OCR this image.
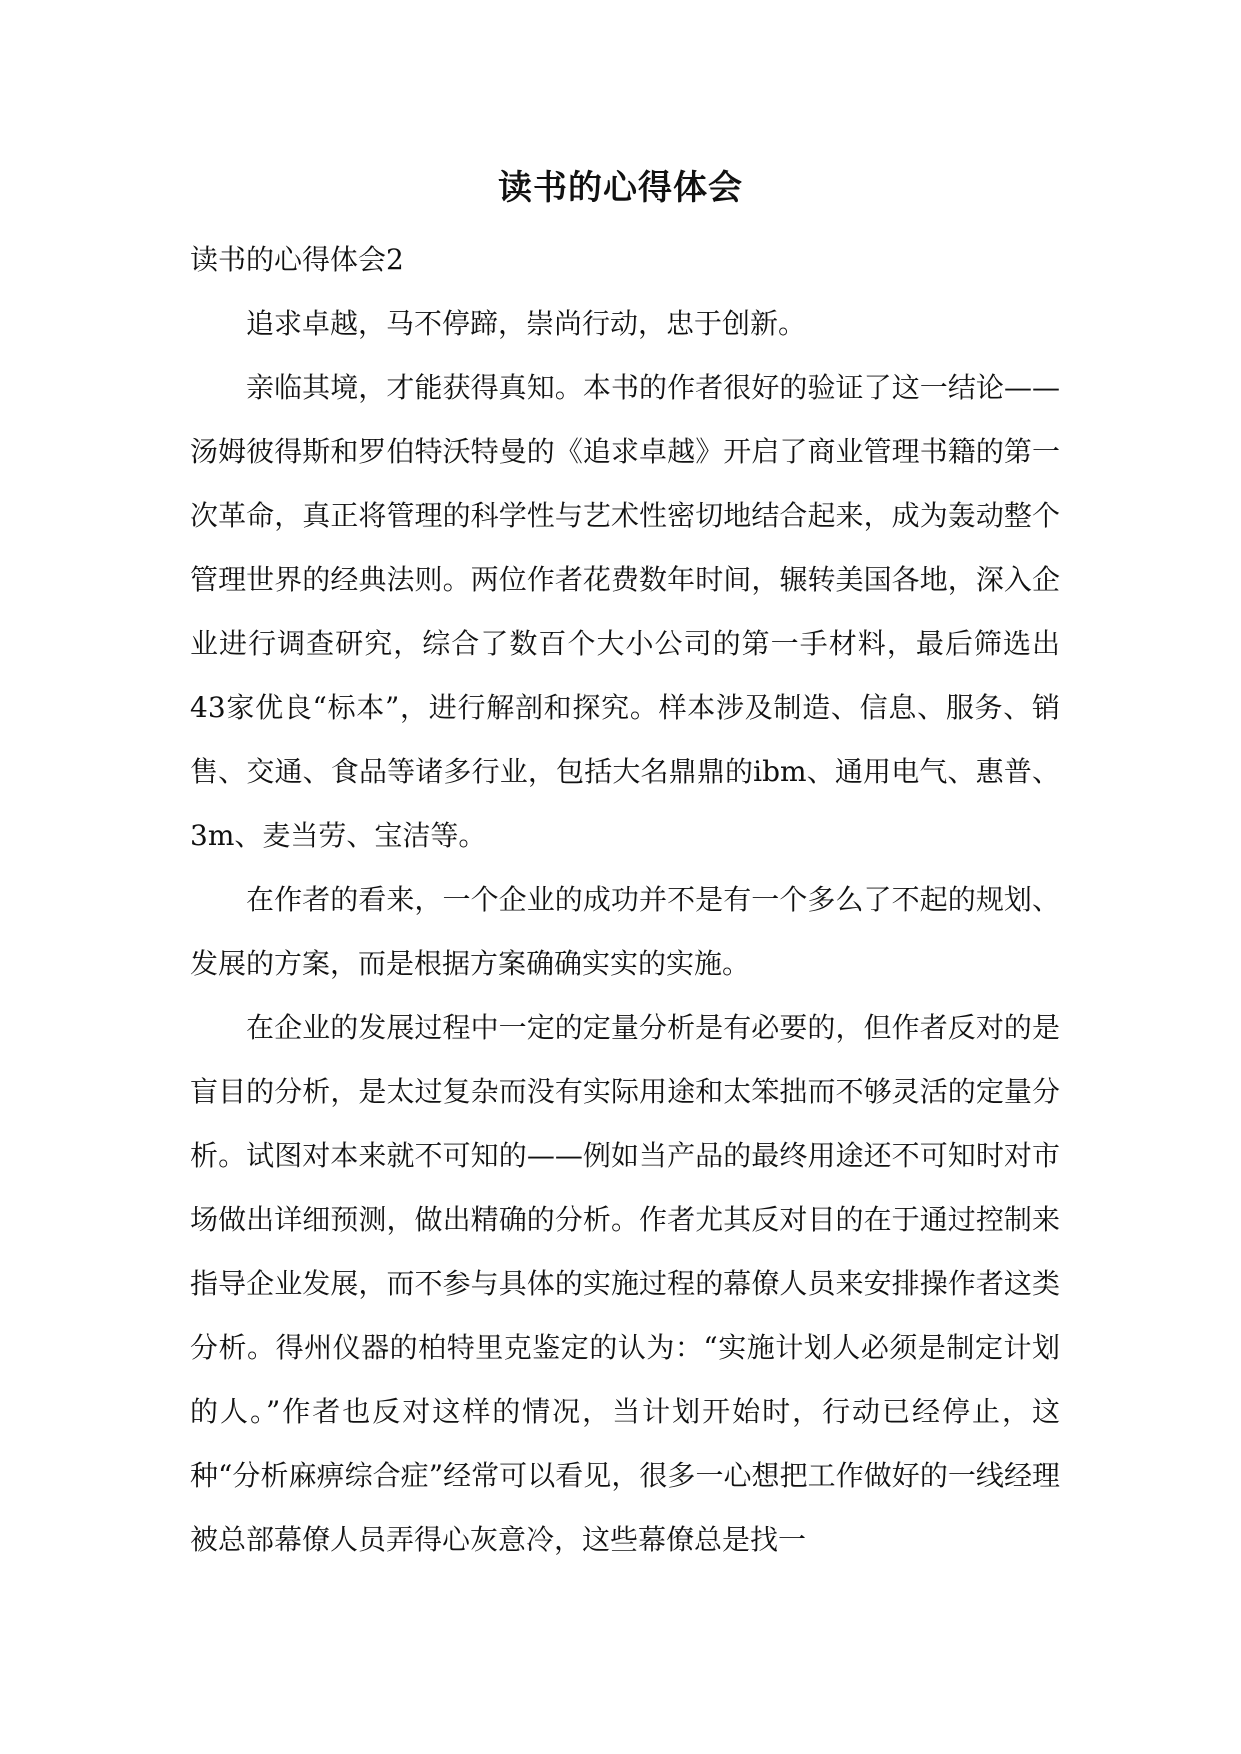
读书的心得体会

读书的心得体会2

追求卓越，马不停蹄，崇尚行动，忠于创新。

亲临其境，才能获得真知。本书的作者很好的验证了这一结论——汤姆彼得斯和罗伯特沃特曼的《追求卓越》开启了商业管理书籍的第一次革命，真正将管理的科学性与艺术性密切地结合起来，成为轰动整个管理世界的经典法则。两位作者花费数年时间，辗转美国各地，深入企业进行调查研究，综合了数百个大小公司的第一手材料，最后筛选出43家优良“标本”，进行解剖和探究。样本涉及制造、信息、服务、销售、交通、食品等诸多行业，包括大名鼎鼎的ibm、通用电气、惠普、3m、麦当劳、宝洁等。

在作者的看来，一个企业的成功并不是有一个多么了不起的规划、发展的方案，而是根据方案确确实实的实施。

在企业的发展过程中一定的定量分析是有必要的，但作者反对的是盲目的分析，是太过复杂而没有实际用途和太笨拙而不够灵活的定量分析。试图对本来就不可知的——例如当产品的最终用途还不可知时对市场做出详细预测，做出精确的分析。作者尤其反对目的在于通过控制来指导企业发展，而不参与具体的实施过程的幕僚人员来安排操作者这类分析。得州仪器的柏特里克鉴定的认为：“实施计划人必须是制定计划的人。”作者也反对这样的情况，当计划开始时，行动已经停止，这种“分析麻痹综合症”经常可以看见，很多一心想把工作做好的一线经理被总部幕僚人员弄得心灰意冷，这些幕僚总是找一
